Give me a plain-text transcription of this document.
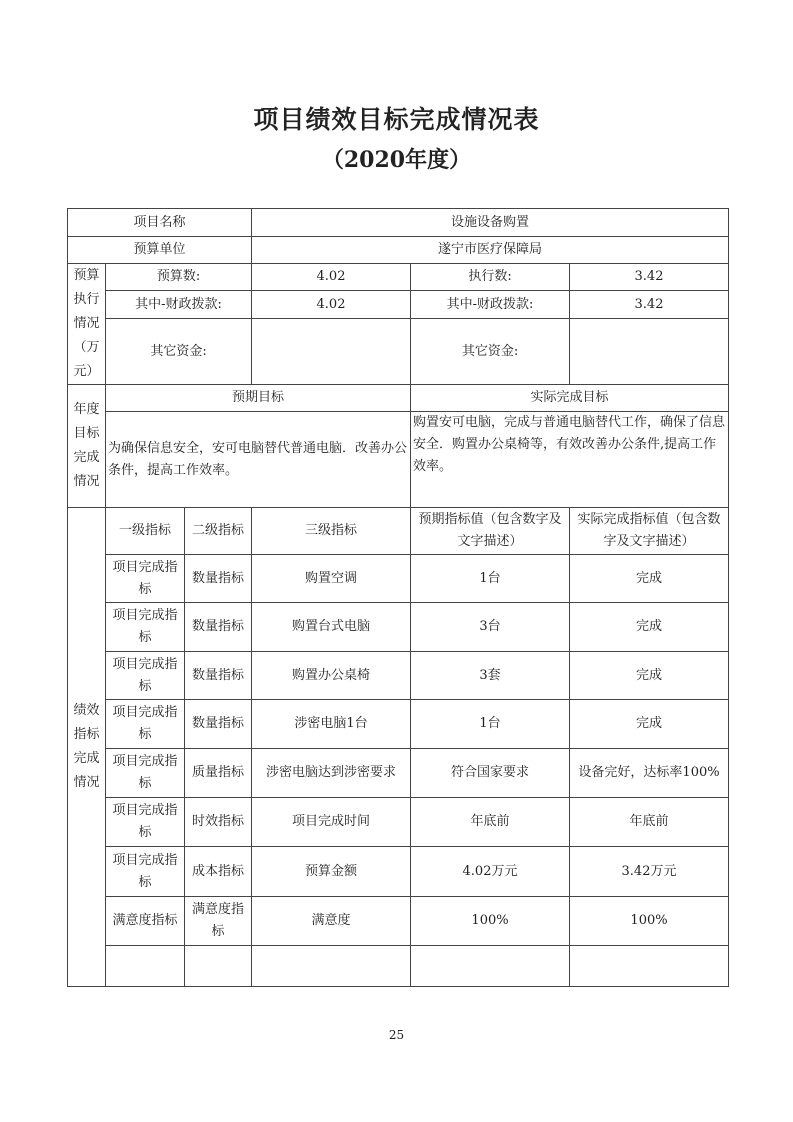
项目绩效目标完成情况表
（2020年度）
项目名称			设施设备购置		
预算单位			遂宁市医疗保障局		
预算执行情况（万元）	预算数:		4.02	执行数:	3.42
	其中-财政拨款:		4.02	其中-财政拨款:	3.42
	其它资金:			其它资金:	
年度目标完成情况	预期目标			实际完成目标	
	为确保信息安全，安可电脑替代普通电脑．改善办公条件，提高工作效率。			购置安可电脑，完成与普通电脑替代工作，确保了信息安全．购置办公桌椅等，有效改善办公条件,提高工作效率。	
绩效指标完成情况	一级指标	二级指标	三级指标	预期指标值（包含数字及文字描述）	实际完成指标值（包含数字及文字描述）
	项目完成指标	数量指标	购置空调	1台	完成
	项目完成指标	数量指标	购置台式电脑	3台	完成
	项目完成指标	数量指标	购置办公桌椅	3套	完成
	项目完成指标	数量指标	涉密电脑1台	1台	完成
	项目完成指标	质量指标	涉密电脑达到涉密要求	符合国家要求	设备完好，达标率100%
	项目完成指标	时效指标	项目完成时间	年底前	年底前
	项目完成指标	成本指标	预算金额	4.02万元	3.42万元
	满意度指标	满意度指标	满意度	100%	100%

25
